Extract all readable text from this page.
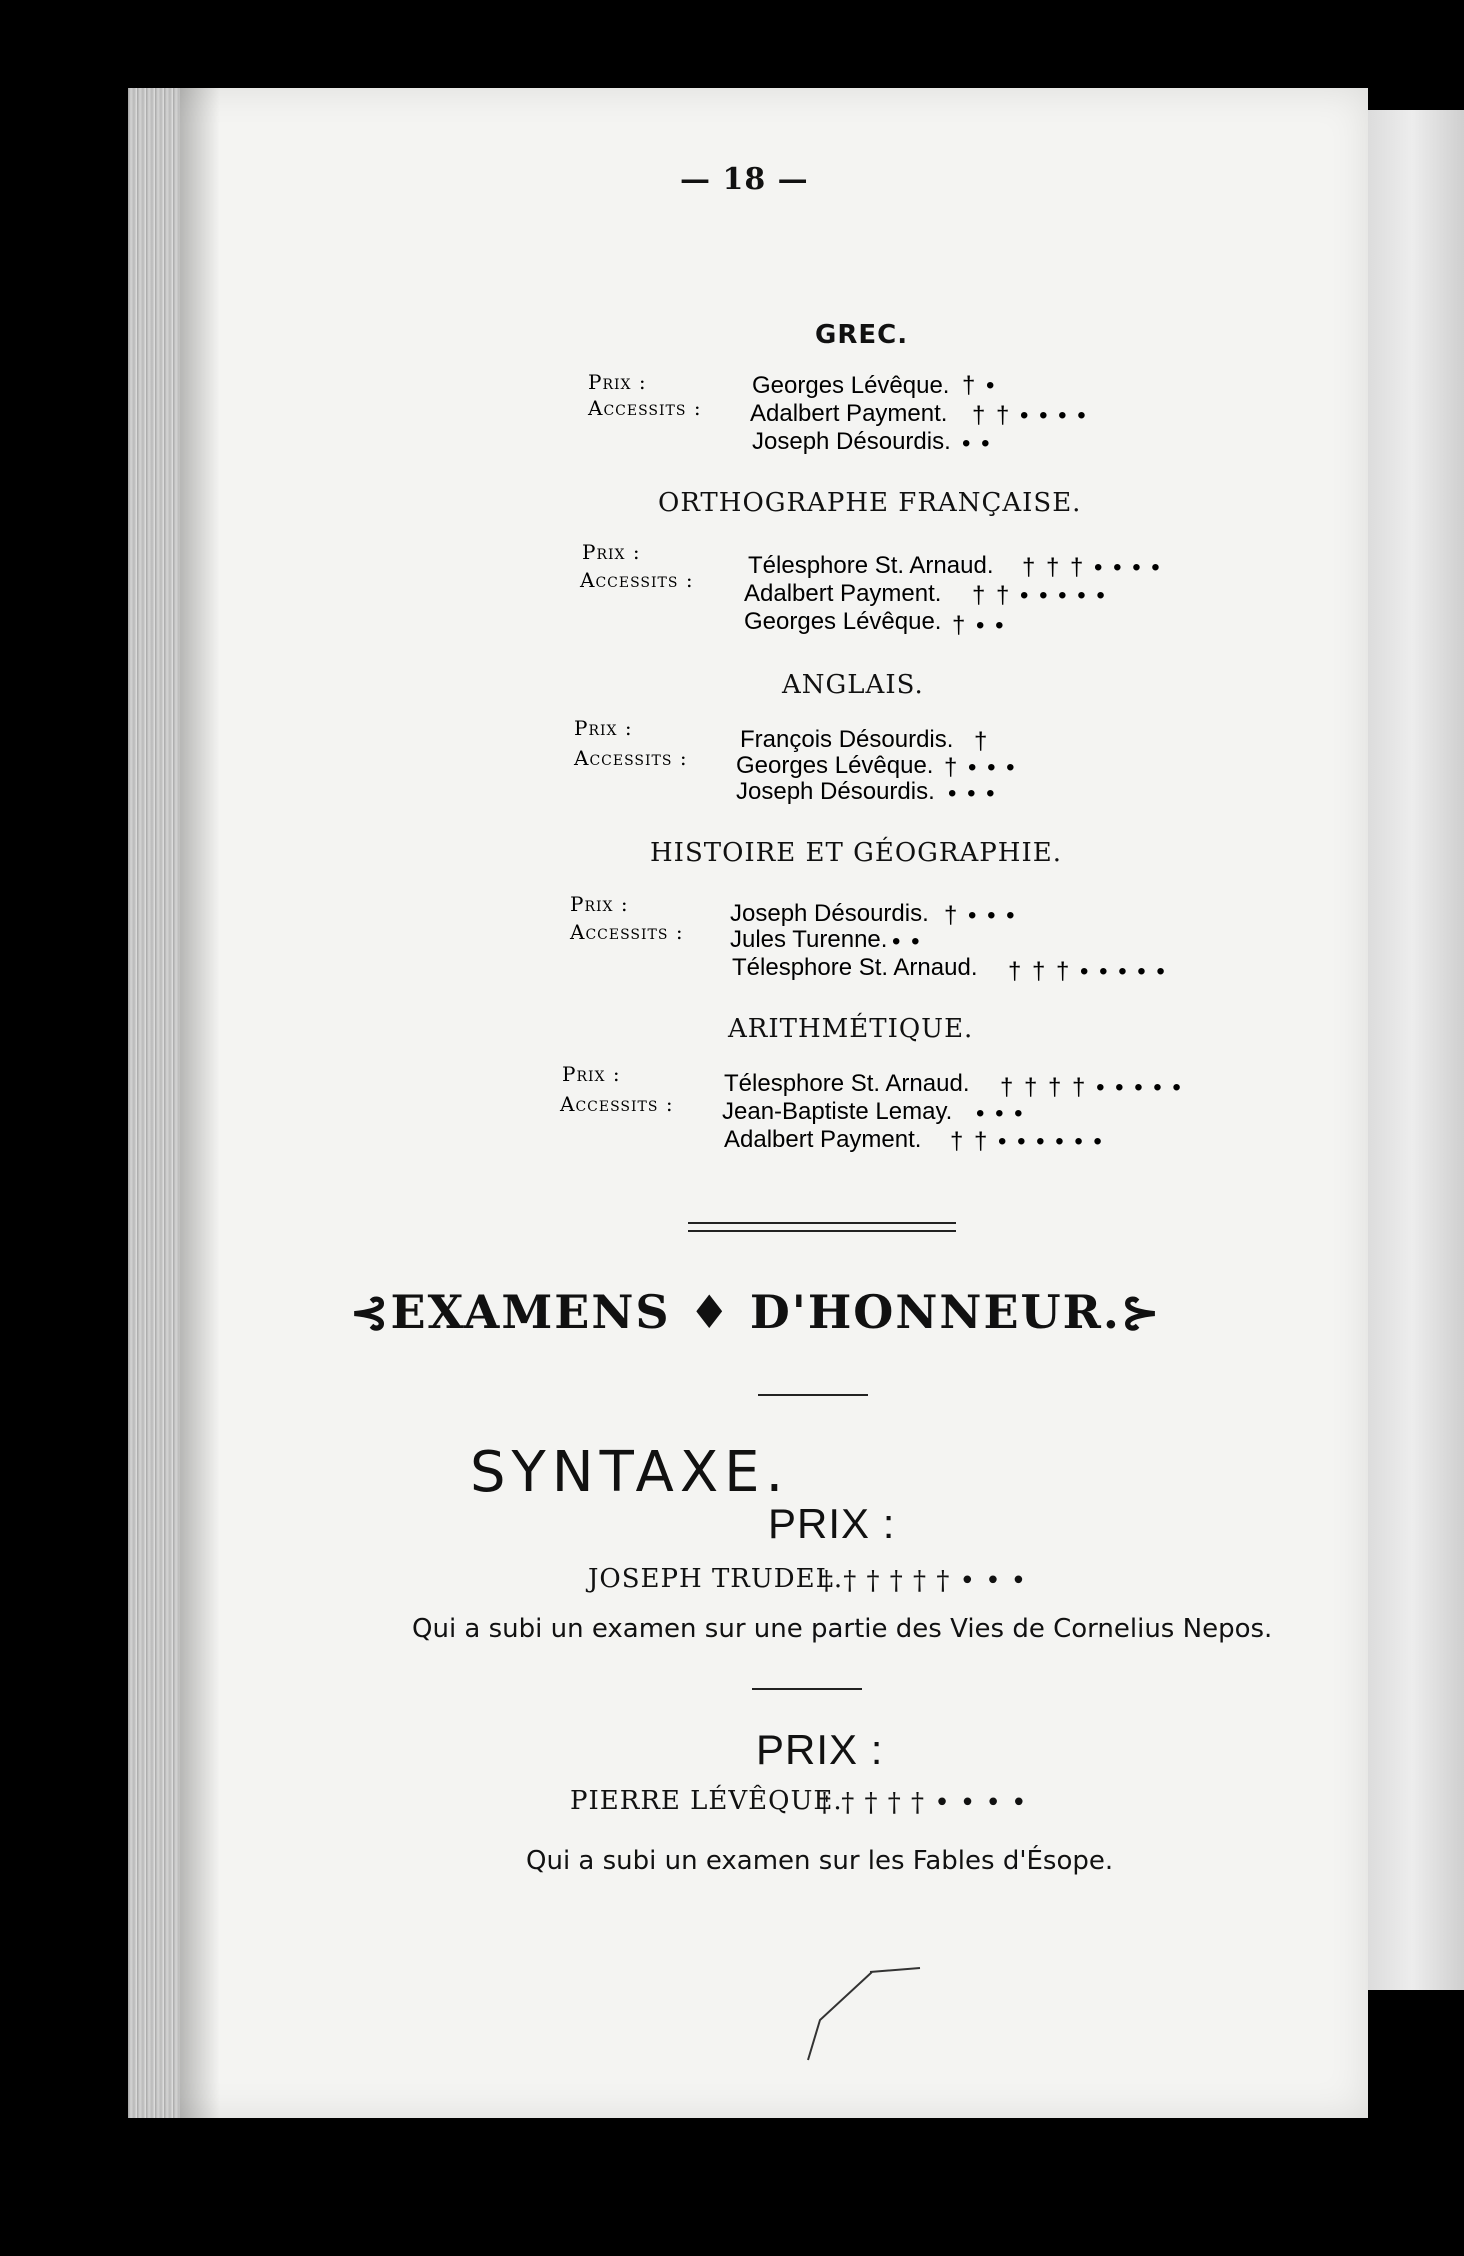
— 18 —
GREC.
Prix :
Accessits :
Georges Lévêque. † •
Adalbert Payment. † † • • • •
Joseph Désourdis. • •
ORTHOGRAPHE FRANÇAISE.
Prix :
Accessits :
Télesphore St. Arnaud. † † † • • • •
Adalbert Payment. † † • • • • •
Georges Lévêque. † • •
ANGLAIS.
Prix :
Accessits :
François Désourdis. †
Georges Lévêque. † • • •
Joseph Désourdis. • • •
HISTOIRE ET GÉOGRAPHIE.
Prix :
Accessits :
Joseph Désourdis. † • • •
Jules Turenne. • •
Télesphore St. Arnaud. † † † • • • • •
ARITHMÉTIQUE.
Prix :
Accessits :
Télesphore St. Arnaud. † † † † • • • • •
Jean-Baptiste Lemay. • • •
Adalbert Payment. † † • • • • • •
⊰EXAMENS ♦ D'HONNEUR.⊱
SYNTAXE.
PRIX :
JOSEPH TRUDEL.
† † † † † † • • •
Qui a subi un examen sur une partie des Vies de Cornelius Nepos.
PRIX :
PIERRE LÉVÊQUE.
† † † † † • • • •
Qui a subi un examen sur les Fables d'Ésope.
